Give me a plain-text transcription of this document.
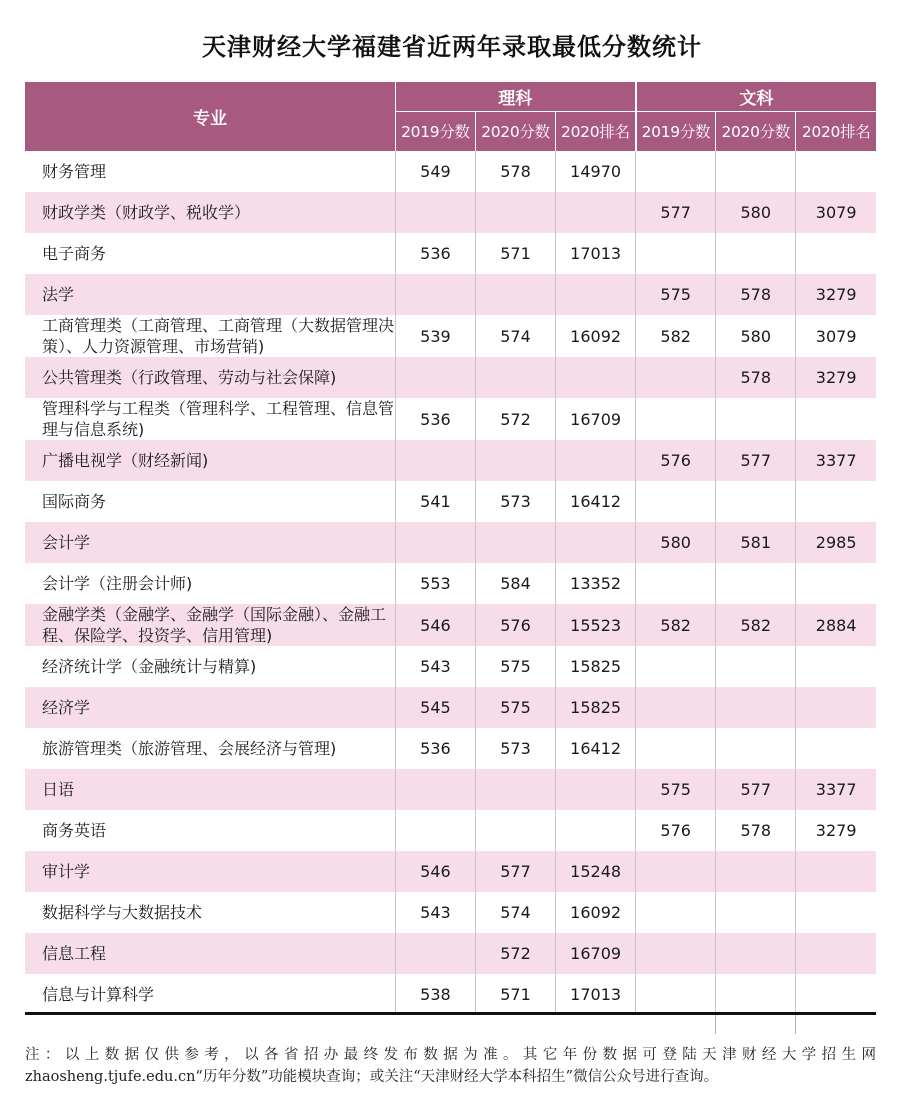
天津财经大学福建省近两年录取最低分数统计
专业	理科			文科		
	2019分数	2020分数	2020排名	2019分数	2020分数	2020排名
财务管理	549	578	14970			
财政学类（财政学、税收学）				577	580	3079
电子商务	536	571	17013			
法学				575	578	3279
工商管理类（工商管理、工商管理（大数据管理决策）、人力资源管理、市场营销)	539	574	16092	582	580	3079
公共管理类（行政管理、劳动与社会保障)					578	3279
管理科学与工程类（管理科学、工程管理、信息管理与信息系统)	536	572	16709			
广播电视学（财经新闻)				576	577	3377
国际商务	541	573	16412			
会计学				580	581	2985
会计学（注册会计师)	553	584	13352			
金融学类（金融学、金融学（国际金融）、金融工程、保险学、投资学、信用管理)	546	576	15523	582	582	2884
经济统计学（金融统计与精算)	543	575	15825			
经济学	545	575	15825			
旅游管理类（旅游管理、会展经济与管理)	536	573	16412			
日语				575	577	3377
商务英语				576	578	3279
审计学	546	577	15248			
数据科学与大数据技术	543	574	16092			
信息工程		572	16709			
信息与计算科学	538	571	17013			
注：以上数据仅供参考，以各省招办最终发布数据为准。其它年份数据可登陆天津财经大学招生网
zhaosheng.tjufe.edu.cn“历年分数”功能模块查询；或关注“天津财经大学本科招生”微信公众号进行查询。
